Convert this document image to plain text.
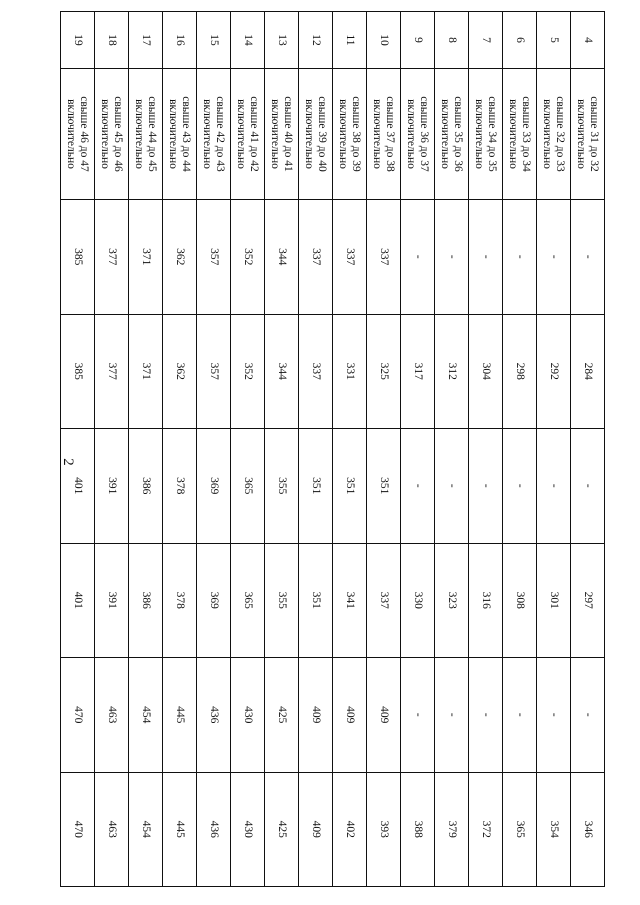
2
4	свыше 31 до 32
включительно	-	284	-	297	-	346
5	свыше 32 до 33
включительно	-	292	-	301	-	354
6	свыше 33 до 34
включительно	-	298	-	308	-	365
7	свыше 34 до 35
включительно	-	304	-	316	-	372
8	свыше 35 до 36
включительно	-	312	-	323	-	379
9	свыше 36 до 37
включительно	-	317	-	330	-	388
10	свыше 37 до 38
включительно	337	325	351	337	409	393
11	свыше 38 до 39
включительно	337	331	351	341	409	402
12	свыше 39 до 40
включительно	337	337	351	351	409	409
13	свыше 40 до 41
включительно	344	344	355	355	425	425
14	свыше 41 до 42
включительно	352	352	365	365	430	430
15	свыше 42 до 43
включительно	357	357	369	369	436	436
16	свыше 43 до 44
включительно	362	362	378	378	445	445
17	свыше 44 до 45
включительно	371	371	386	386	454	454
18	свыше 45 до 46
включительно	377	377	391	391	463	463
19	свыше 46 до 47
включительно	385	385	401	401	470	470
